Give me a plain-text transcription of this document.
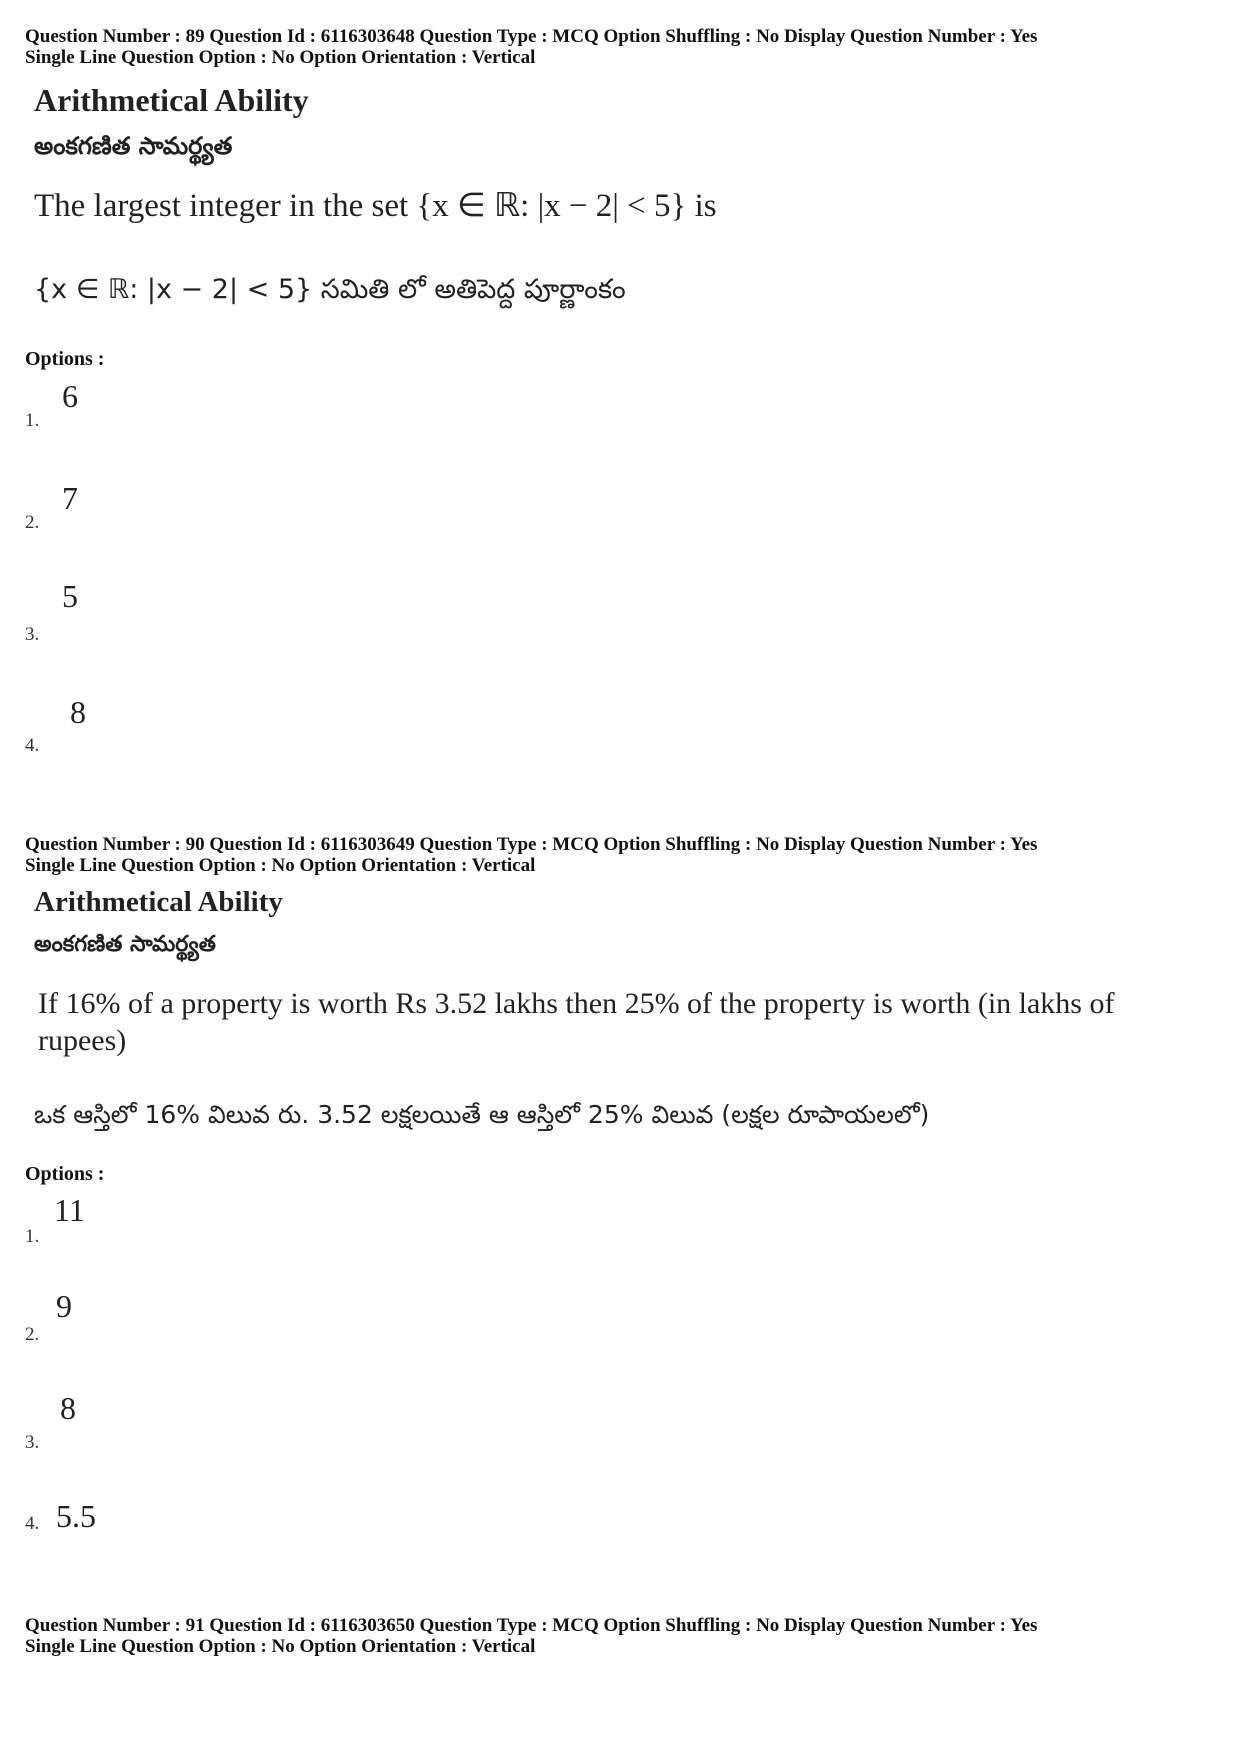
Question Number : 89 Question Id : 6116303648 Question Type : MCQ Option Shuffling : No Display Question Number : Yes
Single Line Question Option : No Option Orientation : Vertical
Arithmetical Ability
అంకగణిత సామర్థ్యత
The largest integer in the set {x ∈ ℝ: |x − 2| < 5} is
{x ∈ ℝ: |x − 2| < 5} సమితి లో అతిపెద్ద పూర్ణాంకం
Options :
1.
6
2.
7
3.
5
4.
8
Question Number : 90 Question Id : 6116303649 Question Type : MCQ Option Shuffling : No Display Question Number : Yes
Single Line Question Option : No Option Orientation : Vertical
Arithmetical Ability
అంకగణిత సామర్థ్యత
If 16% of a property is worth Rs 3.52 lakhs then 25% of the property is worth (in lakhs of rupees)
ఒక ఆస్తిలో 16% విలువ రు. 3.52 లక్షలయితే ఆ ఆస్తిలో 25% విలువ (లక్షల రూపాయలలో)
Options :
1.
11
2.
9
3.
8
4. 5.5
Question Number : 91 Question Id : 6116303650 Question Type : MCQ Option Shuffling : No Display Question Number : Yes
Single Line Question Option : No Option Orientation : Vertical
